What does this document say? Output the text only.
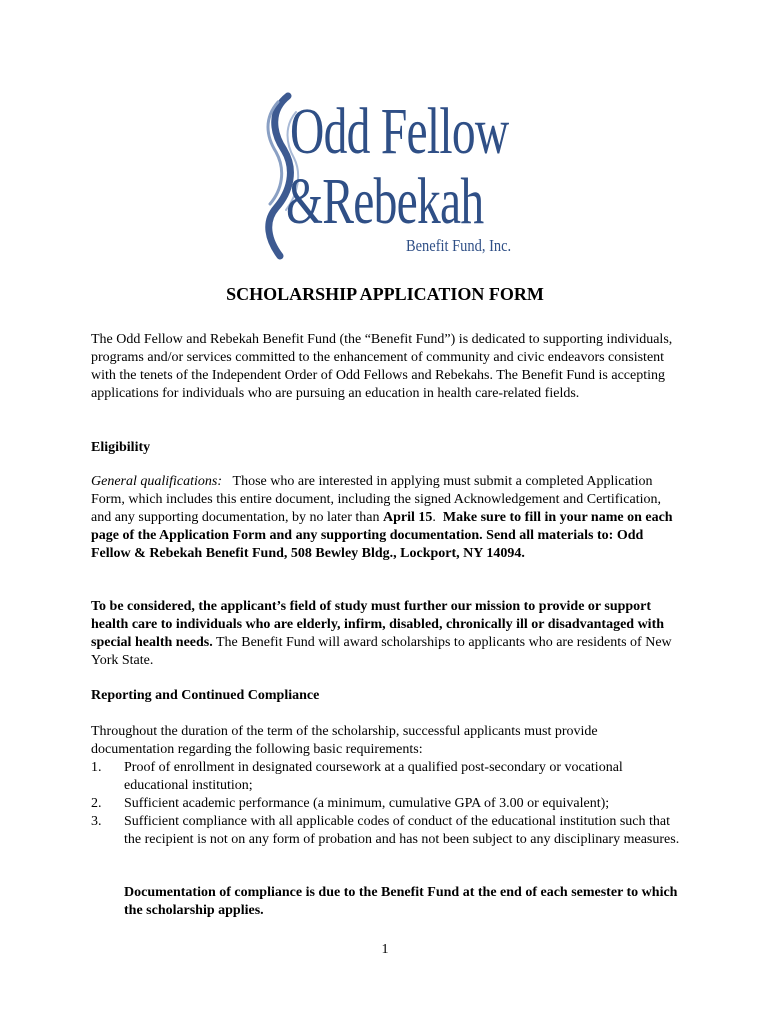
Odd Fellow
&Rebekah
Benefit Fund, Inc.
SCHOLARSHIP APPLICATION FORM

The Odd Fellow and Rebekah Benefit Fund (the “Benefit Fund”) is dedicated to supporting individuals, programs and/or services committed to the enhancement of community and civic endeavors consistent with the tenets of the Independent Order of Odd Fellows and Rebekahs. The Benefit Fund is accepting applications for individuals who are pursuing an education in health care-related fields.

Eligibility

General qualifications: Those who are interested in applying must submit a completed Application Form, which includes this entire document, including the signed Acknowledgement and Certification, and any supporting documentation, by no later than April 15.  Make sure to fill in your name on each page of the Application Form and any supporting documentation. Send all materials to: Odd Fellow & Rebekah Benefit Fund, 508 Bewley Bldg., Lockport, NY 14094.

To be considered, the applicant’s field of study must further our mission to provide or support health care to individuals who are elderly, infirm, disabled, chronically ill or disadvantaged with special health needs. The Benefit Fund will award scholarships to applicants who are residents of New York State.

Reporting and Continued Compliance

Throughout the duration of the term of the scholarship, successful applicants must provide documentation regarding the following basic requirements:

1. Proof of enrollment in designated coursework at a qualified post-secondary or vocational educational institution;
2. Sufficient academic performance (a minimum, cumulative GPA of 3.00 or equivalent);
3. Sufficient compliance with all applicable codes of conduct of the educational institution such that the recipient is not on any form of probation and has not been subject to any disciplinary measures.

Documentation of compliance is due to the Benefit Fund at the end of each semester to which the scholarship applies.

1
